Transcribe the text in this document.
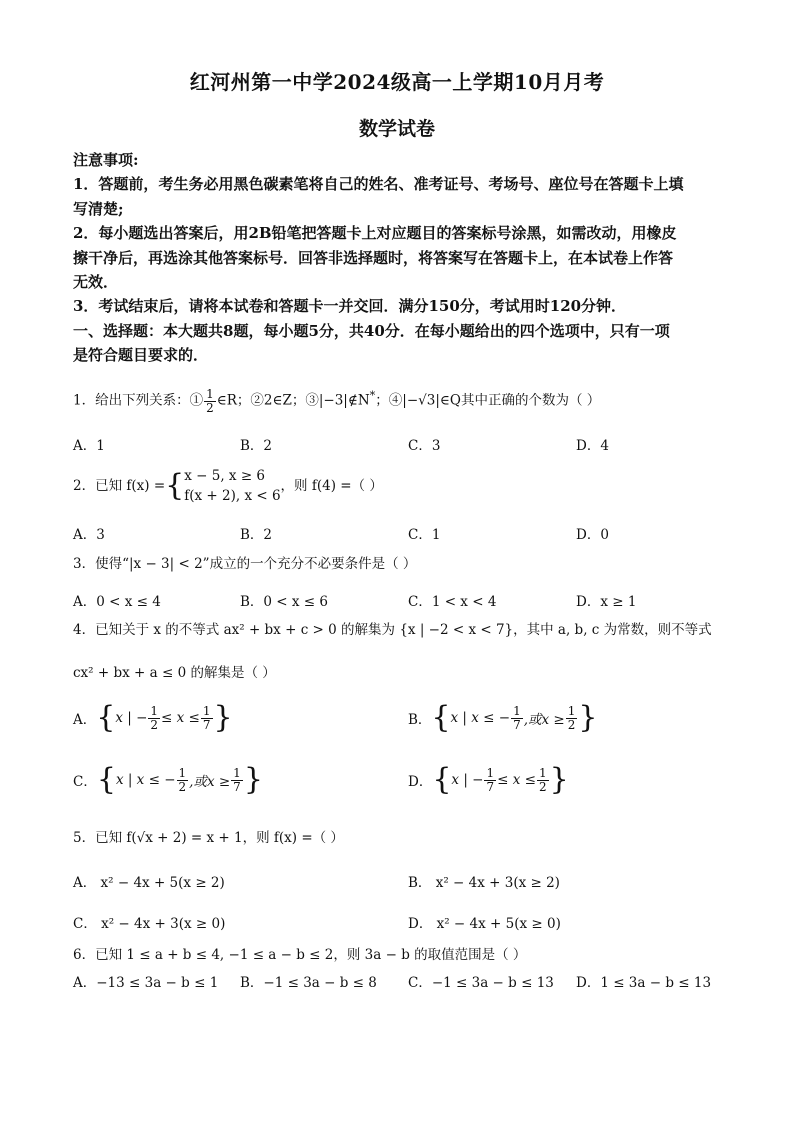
红河州第一中学2024级高一上学期10月月考
数学试卷
注意事项:
1．答题前，考生务必用黑色碳素笔将自己的姓名、准考证号、考场号、座位号在答题卡上填
写清楚;
2．每小题选出答案后，用2B铅笔把答题卡上对应题目的答案标号涂黑，如需改动，用橡皮
擦干净后，再选涂其他答案标号．回答非选择题时，将答案写在答题卡上，在本试卷上作答
无效．
3．考试结束后，请将本试卷和答题卡一并交回．满分150分，考试用时120分钟．
一、选择题：本大题共8题，每小题5分，共40分．在每小题给出的四个选项中，只有一项
是符合题目要求的．
1．给出下列关系：① $\frac{1}{2}$ ∈R；②2∈Z；③|−3|∉N*；④|−√3|∈Q其中正确的个数为（ ）
A．1	B．2	C．3	D．4
2．已知 f(x) = { x − 5, x ≥ 6
f(x + 2), x < 6
，则 f(4) =（ ）
A．3	B．2	C．1	D．0
3．使得“|x − 3| < 2”成立的一个充分不必要条件是（ ）
A．0 < x ≤ 4	B．0 < x ≤ 6	C．1 < x < 4	D．x ≥ 1
4．已知关于 x 的不等式 ax² + bx + c > 0 的解集为 {x | −2 < x < 7}，其中 a, b, c 为常数，则不等式
cx² + bx + a ≤ 0 的解集是（ ）
A． { x | − $\frac{1}{2} \le x \le \frac{1}{7}$ }	B． { x | x ≤ − $\frac{1}{7}$ ,或$x \ge \frac{1}{2}$ }
C． { x | x ≤ − $\frac{1}{2}$ ,或$x \ge \frac{1}{7}$ }	D． { x | − $\frac{1}{7} \le x \le \frac{1}{2}$ }
5．已知 f(√x + 2) = x + 1，则 f(x) =（ ）
A． x² − 4x + 5(x ≥ 2)	B． x² − 4x + 3(x ≥ 2)
C． x² − 4x + 3(x ≥ 0)	D． x² − 4x + 5(x ≥ 0)
6．已知 1 ≤ a + b ≤ 4, −1 ≤ a − b ≤ 2，则 3a − b 的取值范围是（ ）
A．−13 ≤ 3a − b ≤ 1 B．−1 ≤ 3a − b ≤ 8 C．−1 ≤ 3a − b ≤ 13 D．1 ≤ 3a − b ≤ 13
